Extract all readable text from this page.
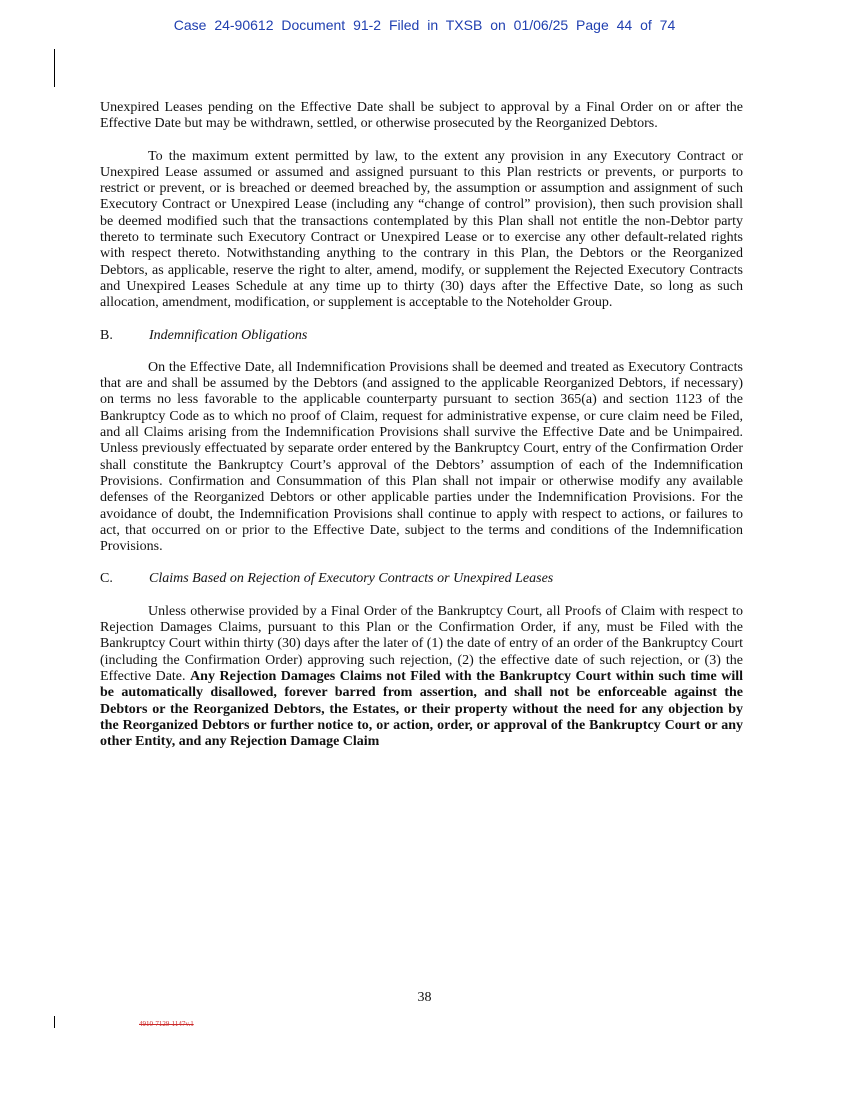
Case 24-90612 Document 91-2 Filed in TXSB on 01/06/25 Page 44 of 74

Unexpired Leases pending on the Effective Date shall be subject to approval by a Final Order on or after the Effective Date but may be withdrawn, settled, or otherwise prosecuted by the Reorganized Debtors.

To the maximum extent permitted by law, to the extent any provision in any Executory Contract or Unexpired Lease assumed or assumed and assigned pursuant to this Plan restricts or prevents, or purports to restrict or prevent, or is breached or deemed breached by, the assumption or assumption and assignment of such Executory Contract or Unexpired Lease (including any “change of control” provision), then such provision shall be deemed modified such that the transactions contemplated by this Plan shall not entitle the non-Debtor party thereto to terminate such Executory Contract or Unexpired Lease or to exercise any other default-related rights with respect thereto. Notwithstanding anything to the contrary in this Plan, the Debtors or the Reorganized Debtors, as applicable, reserve the right to alter, amend, modify, or supplement the Rejected Executory Contracts and Unexpired Leases Schedule at any time up to thirty (30) days after the Effective Date, so long as such allocation, amendment, modification, or supplement is acceptable to the Noteholder Group.

B.	Indemnification Obligations

On the Effective Date, all Indemnification Provisions shall be deemed and treated as Executory Contracts that are and shall be assumed by the Debtors (and assigned to the applicable Reorganized Debtors, if necessary) on terms no less favorable to the applicable counterparty pursuant to section 365(a) and section 1123 of the Bankruptcy Code as to which no proof of Claim, request for administrative expense, or cure claim need be Filed, and all Claims arising from the Indemnification Provisions shall survive the Effective Date and be Unimpaired. Unless previously effectuated by separate order entered by the Bankruptcy Court, entry of the Confirmation Order shall constitute the Bankruptcy Court’s approval of the Debtors’ assumption of each of the Indemnification Provisions. Confirmation and Consummation of this Plan shall not impair or otherwise modify any available defenses of the Reorganized Debtors or other applicable parties under the Indemnification Provisions. For the avoidance of doubt, the Indemnification Provisions shall continue to apply with respect to actions, or failures to act, that occurred on or prior to the Effective Date, subject to the terms and conditions of the Indemnification Provisions.

C.	Claims Based on Rejection of Executory Contracts or Unexpired Leases

Unless otherwise provided by a Final Order of the Bankruptcy Court, all Proofs of Claim with respect to Rejection Damages Claims, pursuant to this Plan or the Confirmation Order, if any, must be Filed with the Bankruptcy Court within thirty (30) days after the later of (1) the date of entry of an order of the Bankruptcy Court (including the Confirmation Order) approving such rejection, (2) the effective date of such rejection, or (3) the Effective Date. Any Rejection Damages Claims not Filed with the Bankruptcy Court within such time will be automatically disallowed, forever barred from assertion, and shall not be enforceable against the Debtors or the Reorganized Debtors, the Estates, or their property without the need for any objection by the Reorganized Debtors or further notice to, or action, order, or approval of the Bankruptcy Court or any other Entity, and any Rejection Damage Claim

38
4910-7129-1147v.1
